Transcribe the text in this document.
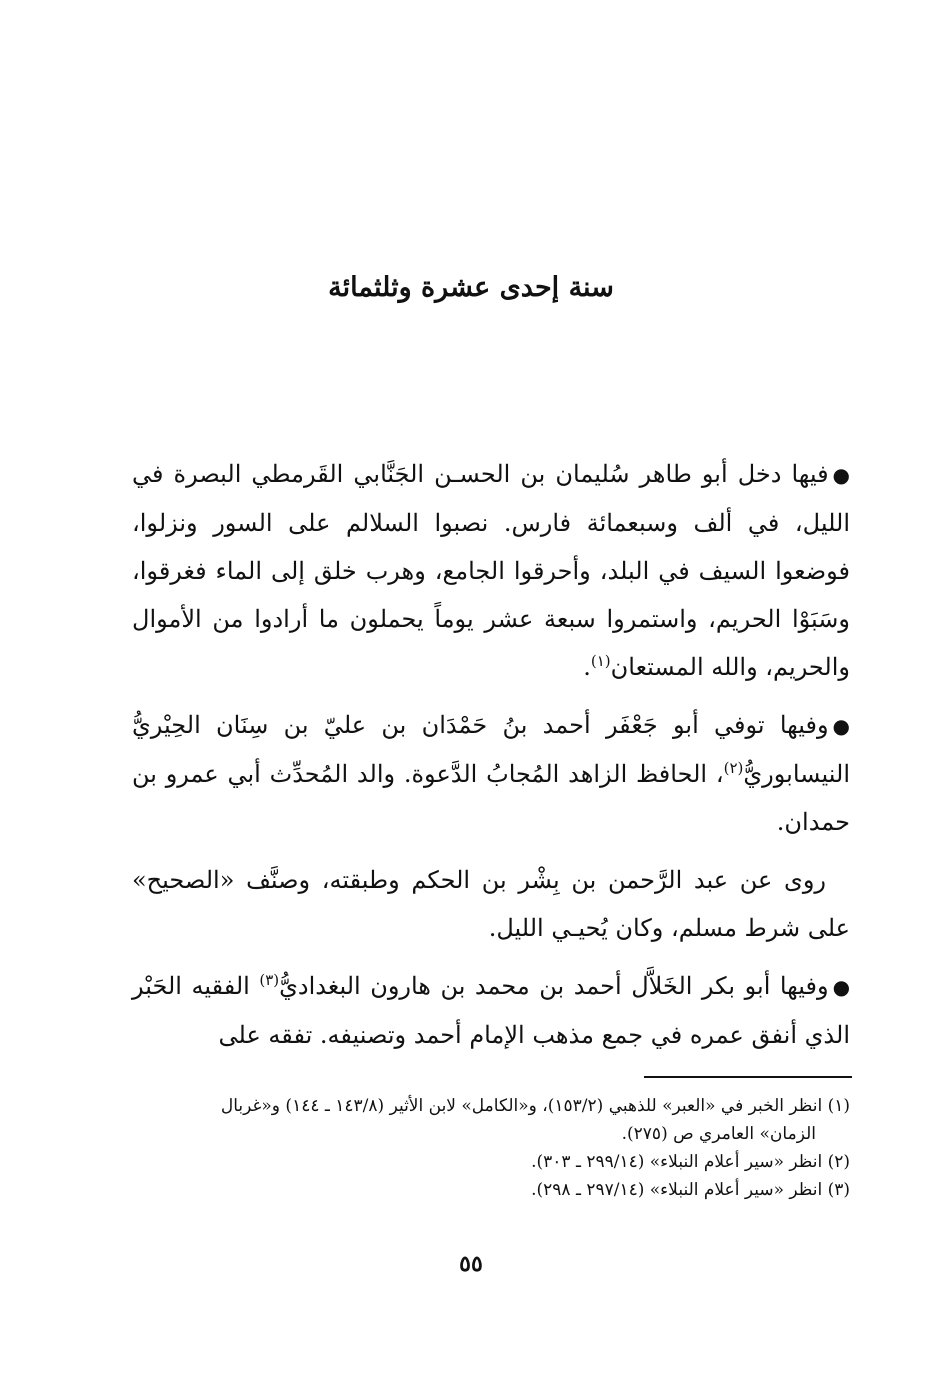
سنة إحدى عشرة وثلثمائة

●فيها دخل أبو طاهر سُليمان بن الحسـن الجَنَّابي القَرمطي البصرة في الليل، في ألف وسبعمائة فارس. نصبوا السلالم على السور ونزلوا، فوضعوا السيف في البلد، وأحرقوا الجامع، وهرب خلق إلى الماء فغرقوا، وسَبَوْا الحريم، واستمروا سبعة عشر يوماً يحملون ما أرادوا من الأموال والحريم، والله المستعان$^{(١)}$.

●وفيها توفي أبو جَعْفَر أحمد بنُ حَمْدَان بن عليّ بن سِنَان الحِيْريُّ النيسابوريُّ$^{(٢)}$، الحافظ الزاهد المُجابُ الدَّعوة. والد المُحدِّث أبي عمرو بن حمدان.

روى عن عبد الرَّحمن بن بِشْر بن الحكم وطبقته، وصنَّف «الصحيح» على شرط مسلم، وكان يُحيـي الليل.

●وفيها أبو بكر الخَلاَّل أحمد بن محمد بن هارون البغداديُّ$^{(٣)}$ الفقيه الحَبْر الذي أنفق عمره في جمع مذهب الإمام أحمد وتصنيفه. تفقه على

(١) انظر الخبر في «العبر» للذهبي (١٥٣/٢)، و«الكامل» لابن الأثير (١٤٣/٨ ـ ١٤٤) و«غربال
الزمان» العامري ص (٢٧٥).
(٢) انظر «سير أعلام النبلاء» (٢٩٩/١٤ ـ ٣٠٣).
(٣) انظر «سير أعلام النبلاء» (٢٩٧/١٤ ـ ٢٩٨).
٥٥
